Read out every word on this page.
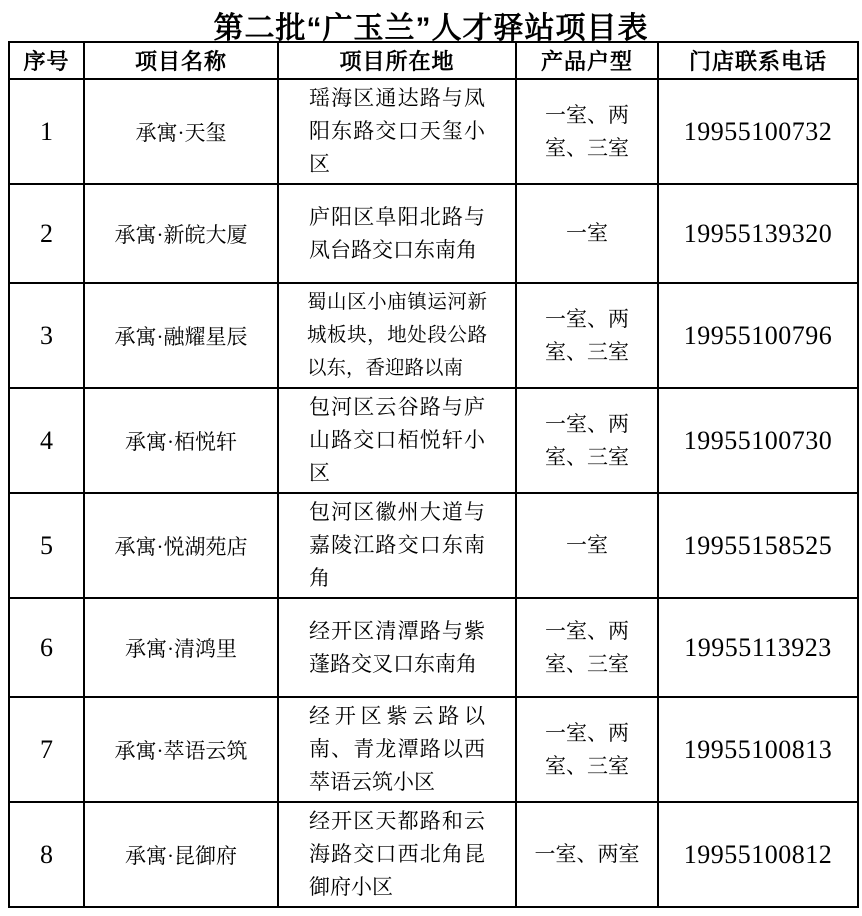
第二批“广玉兰”人才驿站项目表
序号	项目名称	项目所在地	产品户型	门店联系电话
1	承寓·天玺	瑶海区通达路与凤阳东路交口天玺小区	一室、两室、三室	19955100732
2	承寓·新皖大厦	庐阳区阜阳北路与凤台路交口东南角	一室	19955139320
3	承寓·融耀星辰	蜀山区小庙镇运河新城板块，地处段公路以东，香迎路以南	一室、两室、三室	19955100796
4	承寓·栢悦轩	包河区云谷路与庐山路交口栢悦轩小区	一室、两室、三室	19955100730
5	承寓·悦湖苑店	包河区徽州大道与嘉陵江路交口东南角	一室	19955158525
6	承寓·清鸿里	经开区清潭路与紫蓬路交叉口东南角	一室、两室、三室	19955113923
7	承寓·萃语云筑	经开区紫云路以南、青龙潭路以西萃语云筑小区	一室、两室、三室	19955100813
8	承寓·昆御府	经开区天都路和云海路交口西北角昆御府小区	一室、两室	19955100812
